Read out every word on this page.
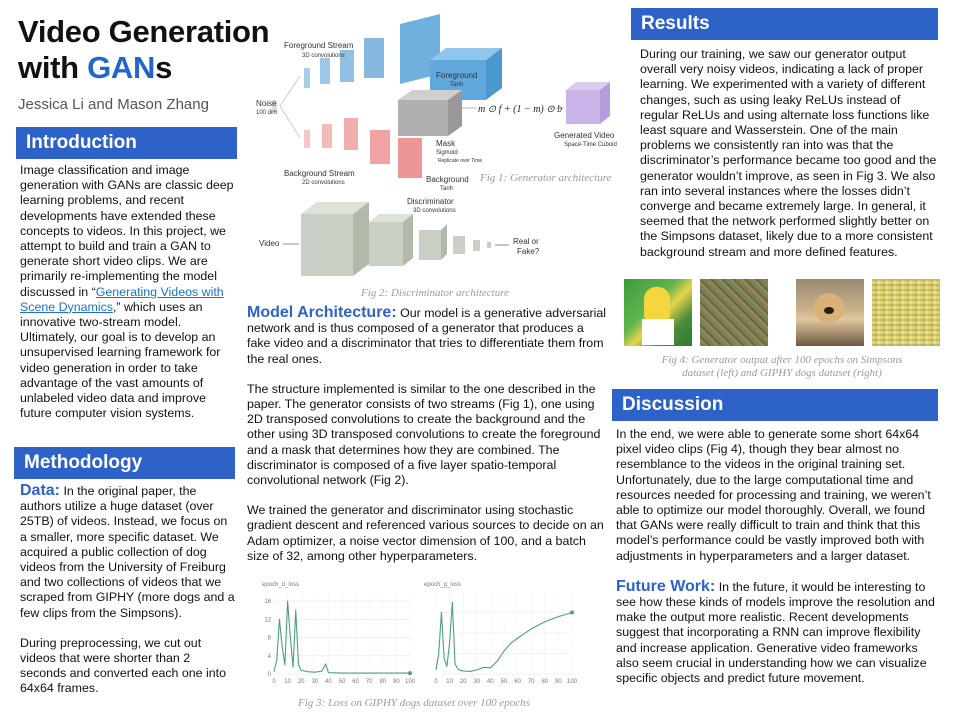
Video Generation
with GANs
Jessica Li and Mason Zhang
Introduction

Image classification and image generation with GANs are classic deep learning problems, and recent developments have extended these concepts to videos. In this project, we attempt to build and train a GAN to generate short video clips. We are primarily re-implementing the model discussed in “Generating Videos with Scene Dynamics,” which uses an innovative two-stream model. Ultimately, our goal is to develop an unsupervised learning framework for video generation in order to take advantage of the vast amounts of unlabeled video data and improve future computer vision systems.

Methodology

Data: In the original paper, the authors utilize a huge dataset (over 25TB) of videos. Instead, we focus on a smaller, more specific dataset. We acquired a public collection of dog videos from the University of Freiburg and two collections of videos that we scraped from GIPHY (more dogs and a few clips from the Simpsons).

During preprocessing, we cut out videos that were shorter than 2 seconds and converted each one into 64x64 frames.

Foreground Stream
3D convolutions
Foreground
Tanh
Noise
100 dim
Mask
Sigmoid
m ⊙ f + (1 − m) ⊙ b
Generated Video
Space-Time Cuboid
Background Stream
2D convolutions	Background
Tanh
Replicate over Time
Fig 1: Generator architecture
Discriminator
3D convolutions
Video	Real or
Fake?
Fig 2: Discriminator architecture

Model Architecture: Our model is a generative adversarial network and is thus composed of a generator that produces a fake video and a discriminator that tries to differentiate them from the real ones.

The structure implemented is similar to the one described in the paper. The generator consists of two streams (Fig 1), one using 2D transposed convolutions to create the background and the other using 3D transposed convolutions to create the foreground and a mask that determines how they are combined. The discriminator is composed of a five layer spatio-temporal convolutional network (Fig 2).

We trained the generator and discriminator using stochastic gradient descent and referenced various sources to decide on an Adam optimizer, a noise vector dimension of 100, and a batch size of 32, among other hyperparameters.

epoch_d_loss
0 10 20 30 40 50 60 70 80 90 100
0
4
8
12
16
epoch_g_loss
0 10 20 30 40 50 60 70 80 90 100
Fig 3: Loss on GIPHY dogs dataset over 100 epochs
Results
During our training, we saw our generator output overall very noisy videos, indicating a lack of proper learning. We experimented with a variety of different changes, such as using leaky ReLUs instead of regular ReLUs and using alternate loss functions like least square and Wasserstein. One of the main problems we consistently ran into was that the discriminator’s performance became too good and the generator wouldn’t improve, as seen in Fig 3. We also ran into several instances where the losses didn’t converge and became extremely large. In general, it seemed that the network performed slightly better on the Simpsons dataset, likely due to a more consistent background stream and more defined features.
Fig 4: Generator output after 100 epochs on Simpsons
dataset (left) and GIPHY dogs dataset (right)
Discussion

In the end, we were able to generate some short 64x64 pixel video clips (Fig 4), though they bear almost no resemblance to the videos in the original training set. Unfortunately, due to the large computational time and resources needed for processing and training, we weren’t able to optimize our model thoroughly. Overall, we found that GANs were really difficult to train and think that this model’s performance could be vastly improved both with adjustments in hyperparameters and a larger dataset.

Future Work: In the future, it would be interesting to see how these kinds of models improve the resolution and make the output more realistic. Recent developments suggest that incorporating a RNN can improve flexibility and increase application. Generative video frameworks also seem crucial in understanding how we can visualize specific objects and predict future movement.
